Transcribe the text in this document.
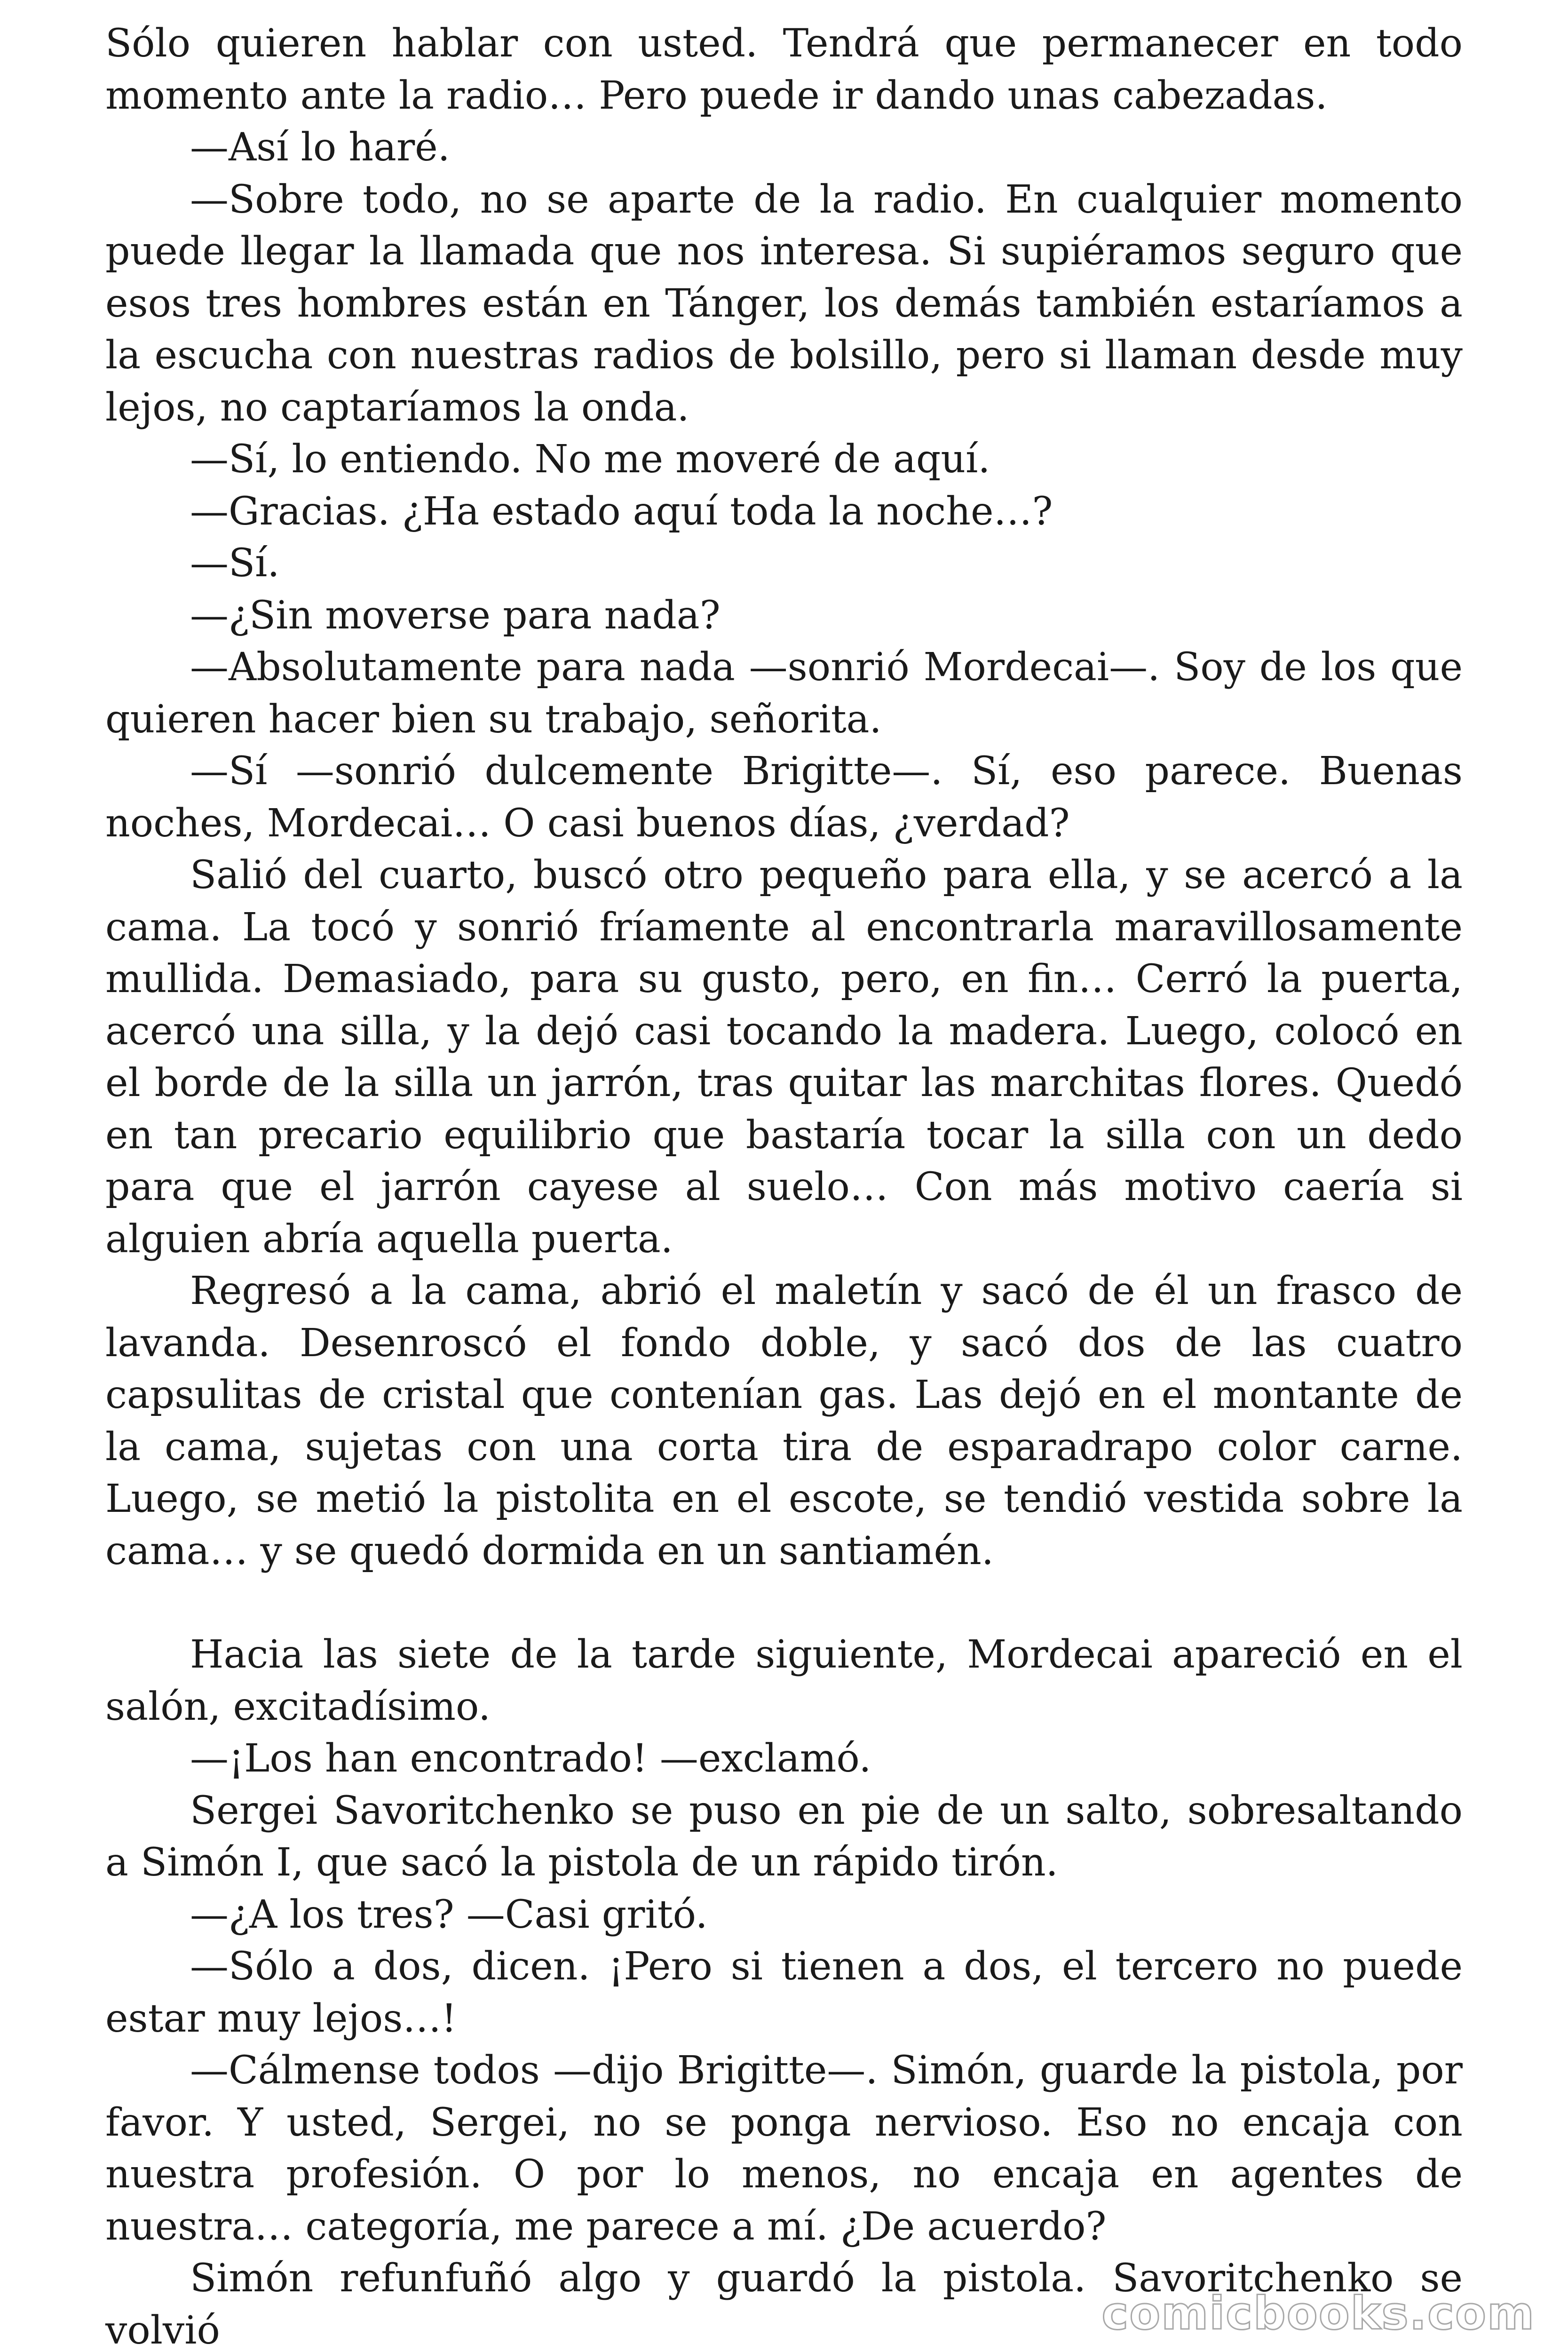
Sólo quieren hablar con usted. Tendrá que permanecer en todo momento ante la radio… Pero puede ir dando unas cabezadas.

—Así lo haré.

—Sobre todo, no se aparte de la radio. En cualquier momento puede llegar la llamada que nos interesa. Si supiéramos seguro que esos tres hombres están en Tánger, los demás también estaríamos a la escucha con nuestras radios de bolsillo, pero si llaman desde muy lejos, no captaríamos la onda.

—Sí, lo entiendo. No me moveré de aquí.

—Gracias. ¿Ha estado aquí toda la noche…?

—Sí.

—¿Sin moverse para nada?

—Absolutamente para nada —sonrió Mordecai—. Soy de los que quieren hacer bien su trabajo, señorita.

—Sí —sonrió dulcemente Brigitte—. Sí, eso parece. Buenas noches, Mordecai… O casi buenos días, ¿verdad?

Salió del cuarto, buscó otro pequeño para ella, y se acercó a la cama. La tocó y sonrió fríamente al encontrarla maravillosamente mullida. Demasiado, para su gusto, pero, en fin… Cerró la puerta, acercó una silla, y la dejó casi tocando la madera. Luego, colocó en el borde de la silla un jarrón, tras quitar las marchitas flores. Quedó en tan precario equilibrio que bastaría tocar la silla con un dedo para que el jarrón cayese al suelo… Con más motivo caería si alguien abría aquella puerta.

Regresó a la cama, abrió el maletín y sacó de él un frasco de lavanda. Desenroscó el fondo doble, y sacó dos de las cuatro capsulitas de cristal que contenían gas. Las dejó en el montante de la cama, sujetas con una corta tira de esparadrapo color carne. Luego, se metió la pistolita en el escote, se tendió vestida sobre la cama… y se quedó dormida en un santiamén.

Hacia las siete de la tarde siguiente, Mordecai apareció en el salón, excitadísimo.

—¡Los han encontrado! —exclamó.

Sergei Savoritchenko se puso en pie de un salto, sobresaltando a Simón I, que sacó la pistola de un rápido tirón.

—¿A los tres? —Casi gritó.

—Sólo a dos, dicen. ¡Pero si tienen a dos, el tercero no puede estar muy lejos…!

—Cálmense todos —dijo Brigitte—. Simón, guarde la pistola, por favor. Y usted, Sergei, no se ponga nervioso. Eso no encaja con nuestra profesión. O por lo menos, no encaja en agentes de nuestra… categoría, me parece a mí. ¿De acuerdo?

Simón refunfuñó algo y guardó la pistola. Savoritchenko se volvió	comicbooks.com
